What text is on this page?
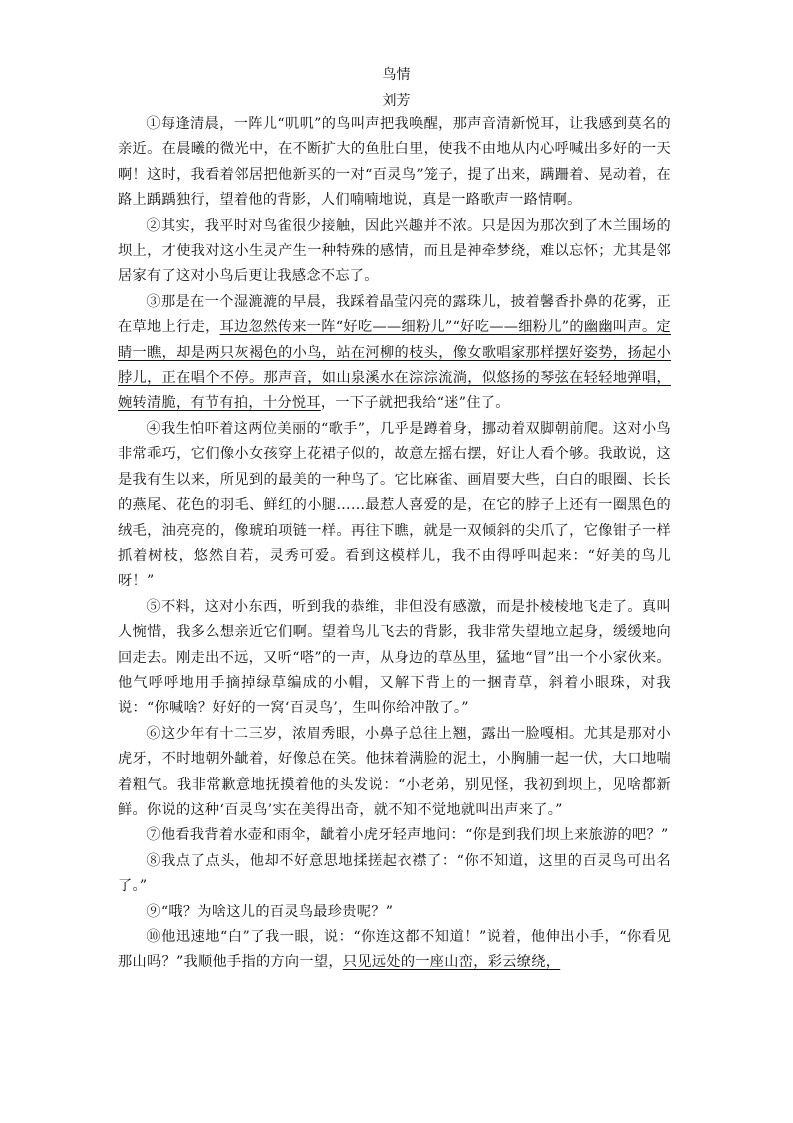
鸟情
刘芳

①每逢清晨，一阵儿“叽叽”的鸟叫声把我唤醒，那声音清新悦耳，让我感到莫名的亲近。在晨曦的微光中，在不断扩大的鱼肚白里，使我不由地从内心呼喊出多好的一天啊！这时，我看着邻居把他新买的一对“百灵鸟”笼子，提了出来，蹒跚着、晃动着，在路上踽踽独行，望着他的背影，人们喃喃地说，真是一路歌声一路情啊。

②其实，我平时对鸟雀很少接触，因此兴趣并不浓。只是因为那次到了木兰围场的坝上，才使我对这小生灵产生一种特殊的感情，而且是神牵梦绕，难以忘怀；尤其是邻居家有了这对小鸟后更让我感念不忘了。

③那是在一个湿漉漉的早晨，我踩着晶莹闪亮的露珠儿，披着馨香扑鼻的花雾，正在草地上行走，耳边忽然传来一阵“好吃——细粉儿”“好吃——细粉儿”的幽幽叫声。定睛一瞧，却是两只灰褐色的小鸟，站在河柳的枝头，像女歌唱家那样摆好姿势，扬起小脖儿，正在唱个不停。那声音，如山泉溪水在淙淙流淌，似悠扬的琴弦在轻轻地弹唱，婉转清脆，有节有拍，十分悦耳，一下子就把我给“迷”住了。

④我生怕吓着这两位美丽的“歌手”，几乎是蹲着身，挪动着双脚朝前爬。这对小鸟非常乖巧，它们像小女孩穿上花裙子似的，故意左摇右摆，好让人看个够。我敢说，这是我有生以来，所见到的最美的一种鸟了。它比麻雀、画眉要大些，白白的眼圈、长长的燕尾、花色的羽毛、鲜红的小腿……最惹人喜爱的是，在它的脖子上还有一圈黑色的绒毛，油亮亮的，像琥珀项链一样。再往下瞧，就是一双倾斜的尖爪了，它像钳子一样抓着树枝，悠然自若，灵秀可爱。看到这模样儿，我不由得呼叫起来：“好美的鸟儿呀！”

⑤不料，这对小东西，听到我的恭维，非但没有感激，而是扑棱棱地飞走了。真叫人惋惜，我多么想亲近它们啊。望着鸟儿飞去的背影，我非常失望地立起身，缓缓地向回走去。刚走出不远，又听“嗒”的一声，从身边的草丛里，猛地“冒”出一个小家伙来。他气呼呼地用手摘掉绿草编成的小帽，又解下背上的一捆青草，斜着小眼珠，对我说：“你喊啥？好好的一窝‘百灵鸟’，生叫你给冲散了。”

⑥这少年有十二三岁，浓眉秀眼，小鼻子总往上翘，露出一脸嘎相。尤其是那对小虎牙，不时地朝外龇着，好像总在笑。他抹着满脸的泥土，小胸脯一起一伏，大口地喘着粗气。我非常歉意地抚摸着他的头发说：“小老弟，别见怪，我初到坝上，见啥都新鲜。你说的这种‘百灵鸟’实在美得出奇，就不知不觉地就叫出声来了。”

⑦他看我背着水壶和雨伞，龇着小虎牙轻声地问：“你是到我们坝上来旅游的吧？”

⑧我点了点头，他却不好意思地揉搓起衣襟了：“你不知道，这里的百灵鸟可出名了。”

⑨“哦？为啥这儿的百灵鸟最珍贵呢？”

⑩他迅速地“白”了我一眼，说：“你连这都不知道！”说着，他伸出小手，“你看见那山吗？”我顺他手指的方向一望，只见远处的一座山峦，彩云缭绕，
